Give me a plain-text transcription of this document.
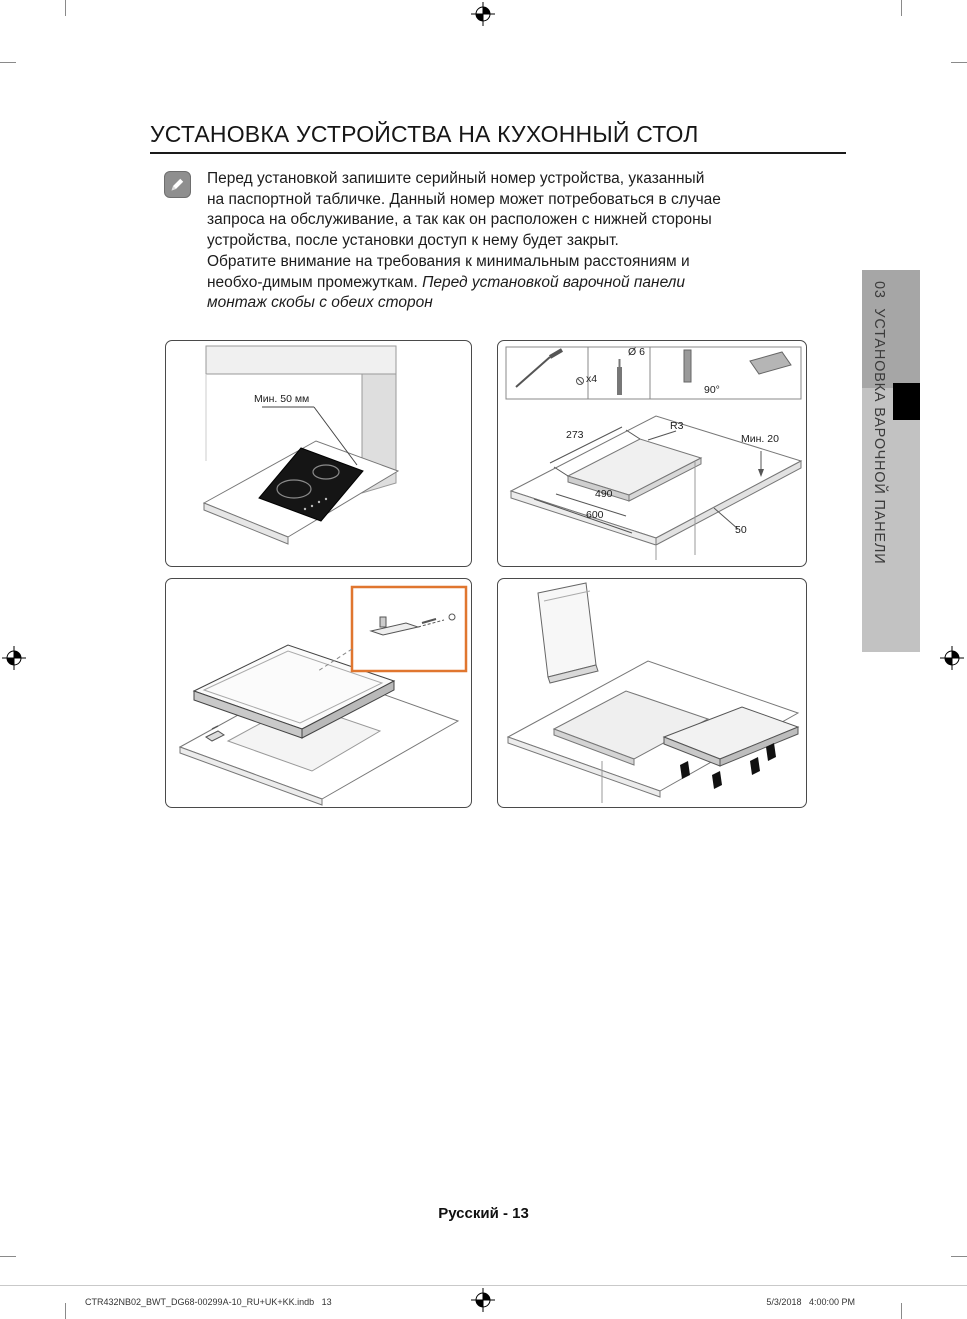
УСТАНОВКА УСТРОЙСТВА НА КУХОННЫЙ СТОЛ
Перед установкой запишите серийный номер устройства, указанный
на паспортной табличке. Данный номер может потребоваться в случае
запроса на обслуживание, а так как он расположен с нижней стороны
устройства, после установки доступ к нему будет закрыт.
Обратите внимание на требования к минимальным расстояниям и
необхо-димым промежуткам. Перед установкой варочной панели
монтаж скобы с обеих сторон
Мин. 50 мм
x4
Ø 6
90°
R3
273	Мин. 20
490
600
50	03  УСТАНОВКА ВАРОЧНОЙ ПАНЕЛИ
Русский - 13
CTR432NB02_BWT_DG68-00299A-10_RU+UK+KK.indb   13	5/3/2018   4:00:00 PM
